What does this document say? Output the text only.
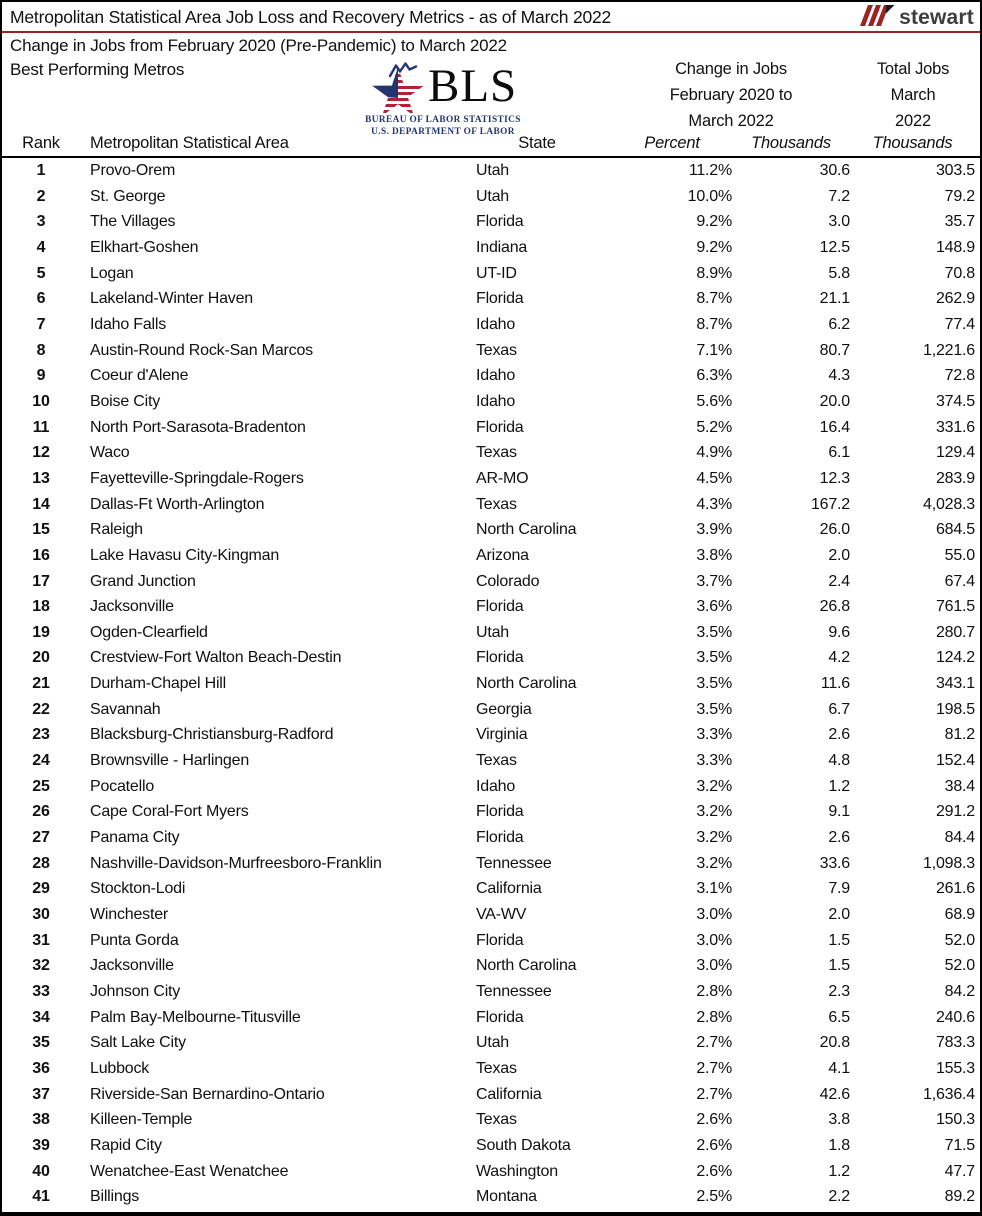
Metropolitan Statistical Area Job Loss and Recovery Metrics - as of March 2022	stewart
Change in Jobs from February 2020 (Pre-Pandemic) to March 2022
Best Performing Metros	BLS
BUREAU OF LABOR STATISTICS
U.S. DEPARTMENT OF LABOR
Change in Jobs
February 2020 to
March 2022
Total Jobs
March
2022
Rank	Metropolitan Statistical Area	State	Percent	Thousands	Thousands
1	Provo-Orem	Utah	11.2%	30.6	303.5
2	St. George	Utah	10.0%	7.2	79.2
3	The Villages	Florida	9.2%	3.0	35.7
4	Elkhart-Goshen	Indiana	9.2%	12.5	148.9
5	Logan	UT-ID	8.9%	5.8	70.8
6	Lakeland-Winter Haven	Florida	8.7%	21.1	262.9
7	Idaho Falls	Idaho	8.7%	6.2	77.4
8	Austin-Round Rock-San Marcos	Texas	7.1%	80.7	1,221.6
9	Coeur d'Alene	Idaho	6.3%	4.3	72.8
10	Boise City	Idaho	5.6%	20.0	374.5
11	North Port-Sarasota-Bradenton	Florida	5.2%	16.4	331.6
12	Waco	Texas	4.9%	6.1	129.4
13	Fayetteville-Springdale-Rogers	AR-MO	4.5%	12.3	283.9
14	Dallas-Ft Worth-Arlington	Texas	4.3%	167.2	4,028.3
15	Raleigh	North Carolina	3.9%	26.0	684.5
16	Lake Havasu City-Kingman	Arizona	3.8%	2.0	55.0
17	Grand Junction	Colorado	3.7%	2.4	67.4
18	Jacksonville	Florida	3.6%	26.8	761.5
19	Ogden-Clearfield	Utah	3.5%	9.6	280.7
20	Crestview-Fort Walton Beach-Destin	Florida	3.5%	4.2	124.2
21	Durham-Chapel Hill	North Carolina	3.5%	11.6	343.1
22	Savannah	Georgia	3.5%	6.7	198.5
23	Blacksburg-Christiansburg-Radford	Virginia	3.3%	2.6	81.2
24	Brownsville - Harlingen	Texas	3.3%	4.8	152.4
25	Pocatello	Idaho	3.2%	1.2	38.4
26	Cape Coral-Fort Myers	Florida	3.2%	9.1	291.2
27	Panama City	Florida	3.2%	2.6	84.4
28	Nashville-Davidson-Murfreesboro-Franklin	Tennessee	3.2%	33.6	1,098.3
29	Stockton-Lodi	California	3.1%	7.9	261.6
30	Winchester	VA-WV	3.0%	2.0	68.9
31	Punta Gorda	Florida	3.0%	1.5	52.0
32	Jacksonville	North Carolina	3.0%	1.5	52.0
33	Johnson City	Tennessee	2.8%	2.3	84.2
34	Palm Bay-Melbourne-Titusville	Florida	2.8%	6.5	240.6
35	Salt Lake City	Utah	2.7%	20.8	783.3
36	Lubbock	Texas	2.7%	4.1	155.3
37	Riverside-San Bernardino-Ontario	California	2.7%	42.6	1,636.4
38	Killeen-Temple	Texas	2.6%	3.8	150.3
39	Rapid City	South Dakota	2.6%	1.8	71.5
40	Wenatchee-East Wenatchee	Washington	2.6%	1.2	47.7
41	Billings	Montana	2.5%	2.2	89.2
